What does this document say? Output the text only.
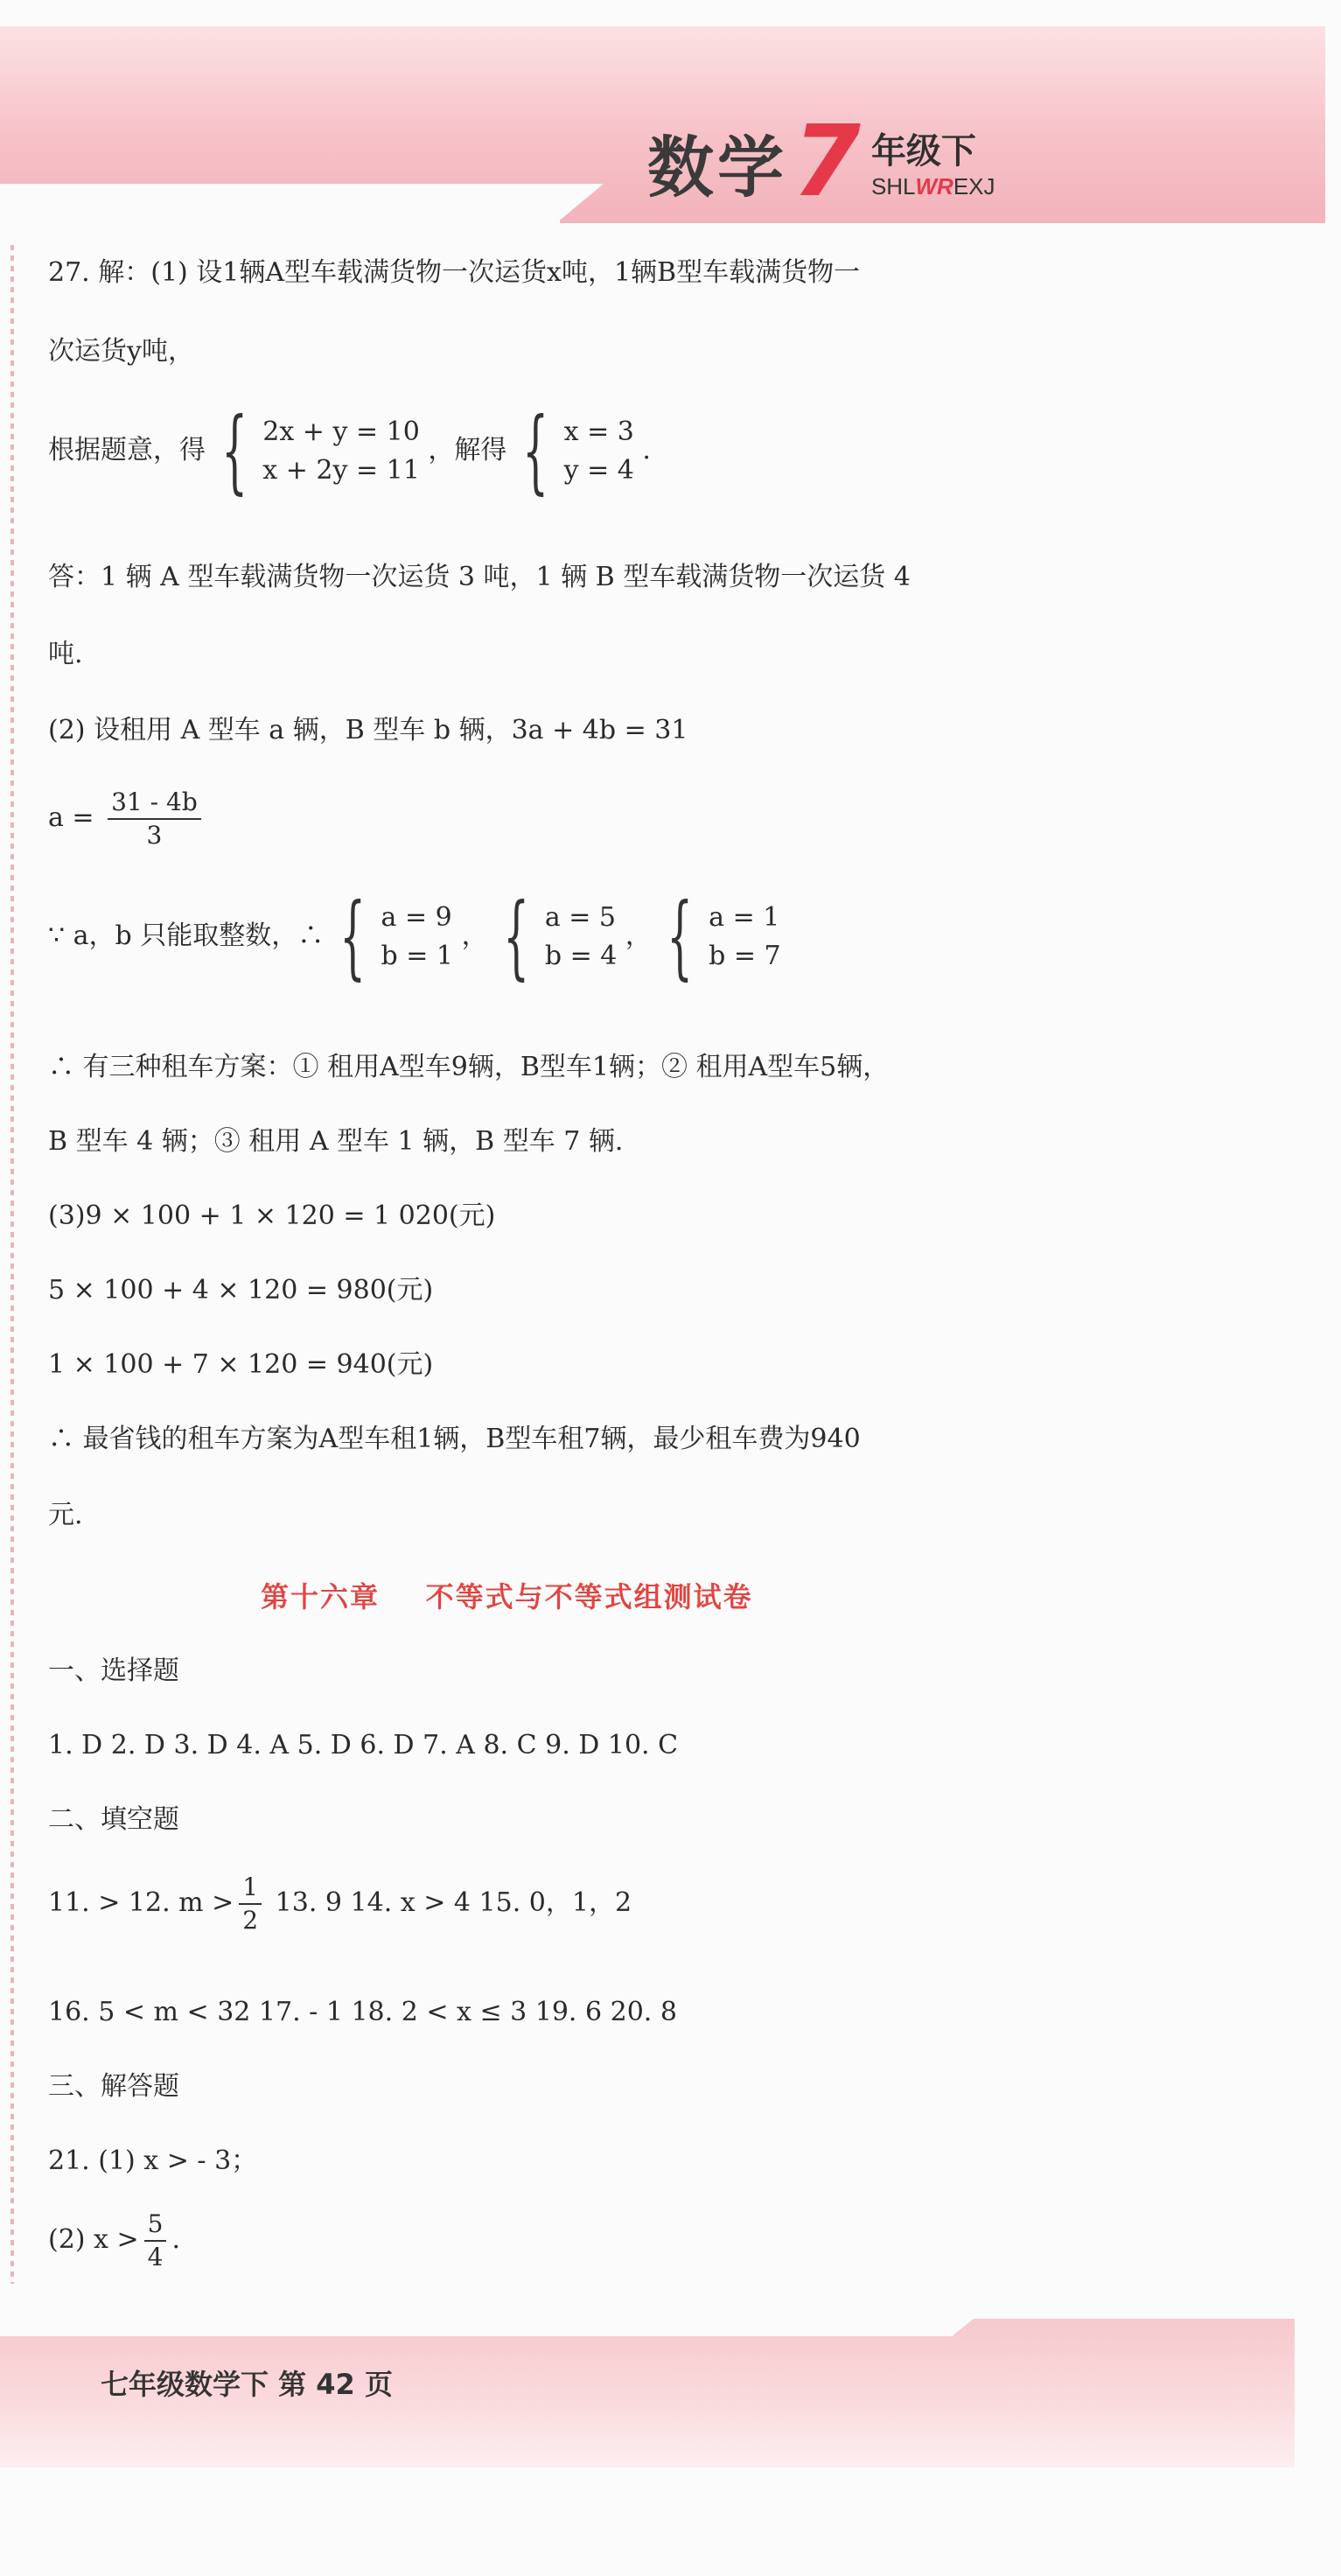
数学 7 年级下
SHLWREXJ
27. 解：(1) 设1辆A型车载满货物一次运货x吨，1辆B型车载满货物一
次运货y吨，
根据题意，得 { 2x + y = 10
x + 2y = 11
，解得 { x = 3
y = 4
.
答：1 辆 A 型车载满货物一次运货 3 吨，1 辆 B 型车载满货物一次运货 4
吨.
(2) 设租用 A 型车 a 辆，B 型车 b 辆，3a + 4b = 31
$a = \frac{31 - 4b}{3}$
∵ a，b 只能取整数，∴ { a = 9
b = 1
， { a = 5
b = 4
， { a = 1
b = 7
∴ 有三种租车方案：① 租用A型车9辆，B型车1辆；② 租用A型车5辆，
B 型车 4 辆；③ 租用 A 型车 1 辆，B 型车 7 辆.
(3)9 × 100 + 1 × 120 = 1 020(元)
5 × 100 + 4 × 120 = 980(元)
1 × 100 + 7 × 120 = 940(元)
∴ 最省钱的租车方案为A型车租1辆，B型车租7辆，最少租车费为940
元.
第十六章    不等式与不等式组测试卷
一、选择题
1. D 2. D 3. D 4. A 5. D 6. D 7. A 8. C 9. D 10. C
二、填空题
11. > 12. $m > \frac{1}{2} 13$. 9 14. x > 4 15. 0，1，2
16. 5 < m < 32 17. - 1 18. 2 < x ≤ 3 19. 6 20. 8
三、解答题
21. (1) x > - 3；
(2) $x > \frac{5}{4}$ .
七年级数学下 第 42 页
